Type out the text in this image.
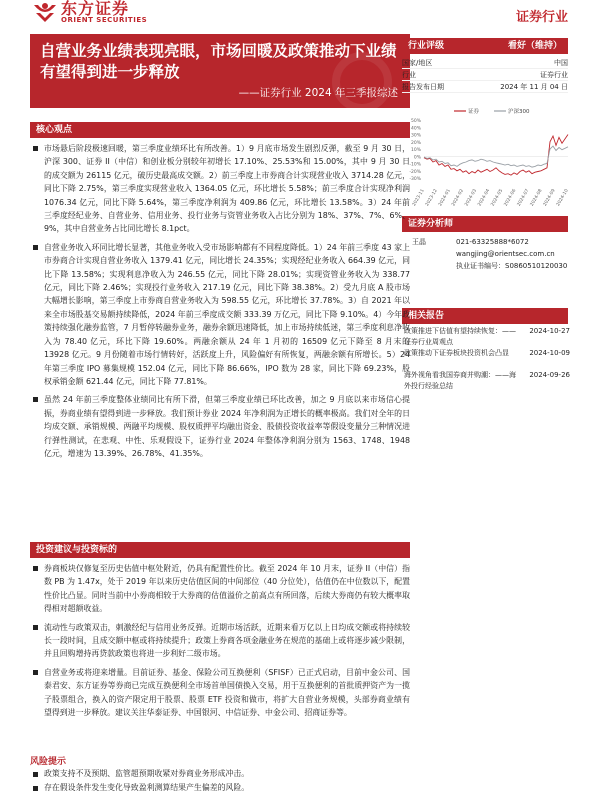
东方证券
ORIENT SECURITIES	证券行业
自营业务业绩表现亮眼，市场回暖及政策推动下业绩有望得到进一步释放
——证券行业 2024 年三季报综述
行业评级	看好（维持）
国家/地区	中国
行业	证券行业
报告发布日期	2024 年 11 月 04 日
50%
40%
30%
20%
10%
0%
-10%
-20%
-30%
2023-11 2023-12 2024-01 2024-02 2024-03 2024-04 2024-05 2024-06 2024-07 2024-08 2024-09 2024-10
证券	沪深300
证券分析师
王晶	021-63325888*6072
wangjing@orientsec.com.cn
执业证书编号：S0860510120030
相关报告
政策推进下估值有望持续恢复：——证券行业周观点
2024-10-27
政策推动下证券板块投资机会凸显	2024-10-09
海外视角看我国券商并购潮：——海外投行经验总结
2024-09-26
核心观点
市场悬后阶段极速回暖，第三季度业绩环比有所改善。1）9 月底市场发生剧烈反弹，截至 9 月 30 日，沪深 300、证券 II（中信）和创业板分别较年初增长 17.10%、25.53%和 15.00%，其中 9 月 30 日的成交额为 26115 亿元，破历史最高成交额。2）前三季度上市券商合计实现营业收入 3714.28 亿元，同比下降 2.75%，第三季度实现营业收入 1364.05 亿元，环比增长 5.58%；前三季度合计实现净利润 1076.34 亿元，同比下降 5.64%，第三季度净利润为 409.86 亿元，环比增长 13.58%。3）24 年前三季度经纪业务、自营业务、信用业务、投行业务与资管业务收入占比分别为 18%、37%、7%、6%、9%，其中自营业务占比同比增长 8.1pct。
自营业务收入环同比增长显著，其他业务收入受市场影响都有不同程度降低。1）24 年前三季度 43 家上市券商合计实现自营业务收入 1379.41 亿元，同比增长 24.35%；实现经纪业务收入 664.39 亿元，同比下降 13.58%；实现利息净收入为 246.55 亿元，同比下降 28.01%；实现资管业务收入为 338.77 亿元，同比下降 2.46%；实现投行业务收入 217.19 亿元，同比下降 38.38%。2）受九月底 A 股市场大幅增长影响，第三季度上市券商自营业务收入为 598.55 亿元，环比增长 37.78%。3）自 2021 年以来全市场股基交易额持续降低，2024 年前三季度成交额 333.39 万亿元，同比下降 9.10%。4）今年政策持续强化融券监管，7 月暂停转融券业务，融券余额迅速降低，加上市场持续低迷，第三季度利息净收入为 78.40 亿元，环比下降 19.60%。两融余额从 24 年 1 月初的 16509 亿元下降至 8 月末的 13928 亿元。9 月份随着市场行情转好，活跃度上升，风险偏好有所恢复，两融余额有所增长。5）24 年第三季度 IPO 募集规模 152.04 亿元，同比下降 86.66%，IPO 数为 28 家，同比下降 69.23%，股权承销金额 621.44 亿元，同比下降 77.81%。
虽然 24 年前三季度整体业绩同比有所下滑，但第三季度业绩已环比改善，加之 9 月底以来市场信心提振，券商业绩有望得到进一步释放。我们预计券业 2024 年净利润为正增长的概率极高。我们对全年的日均成交额、承销规模、两融平均规模、股权质押平均融出资金、股债投资收益率等假设变量分三种情况进行弹性测试，在悲观、中性、乐观假设下，证券行业 2024 年整体净利润分别为 1563、1748、1948 亿元，增速为 13.39%、26.78%、41.35%。
投资建议与投资标的
券商板块仅修复至历史估值中枢处附近，仍具有配置性价比。截至 2024 年 10 月末，证券 II（中信）指数 PB 为 1.47x，处于 2019 年以来历史估值区间的中间部位（40 分位处），估值仍在中位数以下，配置性价比凸显。同时当前中小券商相较于大券商的估值溢价之前高点有所回落，后续大券商仍有较大概率取得相对超额收益。
流动性与政策双击，刺激经纪与信用业务反弹。近期市场活跃，近期来看万亿以上日均成交额或将持续较长一段时间，且成交额中枢或将持续提升；政策上券商各项金融业务在规范的基础上或将逐步减少限制，并且回购增持再贷款政策也将进一步利好二级市场。
自营业务或将迎来增量。目前证券、基金、保险公司互换便利（SFISF）已正式启动，目前中金公司、国泰君安、东方证券等券商已完成互换便利全市场首单国债换入交易，用于互换便利的首批质押资产为一揽子股票组合，换入的资产限定用于股票、股票 ETF 投资和做市，将扩大自营业务规模，头部券商业绩有望得到进一步释放。建议关注华泰证券、中国银河、中信证券、中金公司、招商证券等。
风险提示
政策支持不及预期、监管超预期收紧对券商业务形成冲击。
存在假设条件发生变化导致盈利测算结果产生偏差的风险。
